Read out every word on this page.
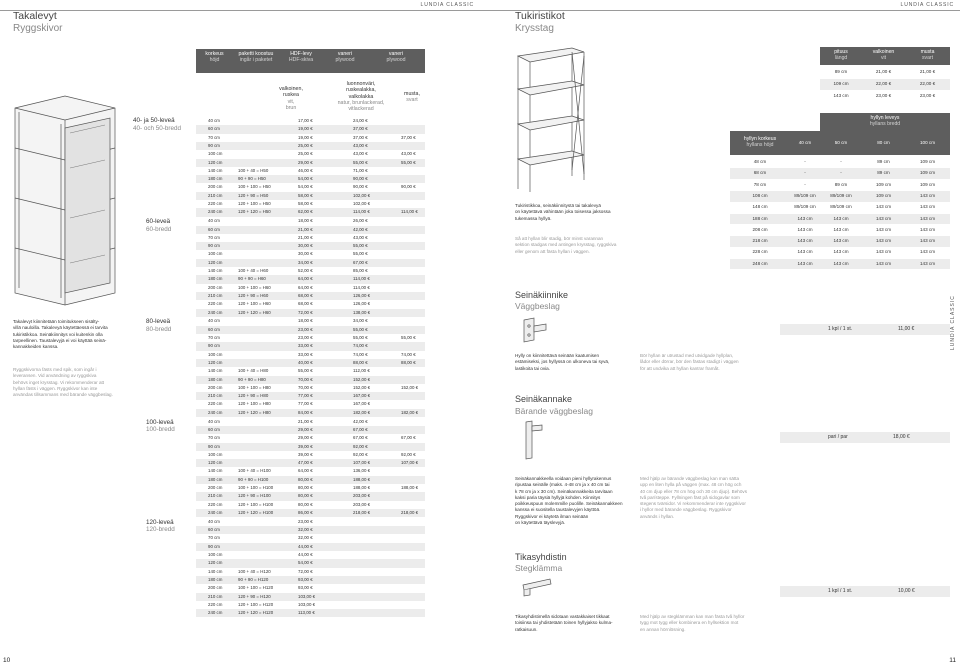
LUNDIA CLASSIC
Takalevyt
Ryggskivor
Takalevyt kiinnitetään toimitukseen sisälty-
villä nauloilla. Takalevyä käytettäessä ei tarvita
tukiristikkoa. Seinäkiinnitys voi kuitenkin olla
tarpeellinen. Taustalevyjä ei voi käyttää seinä-
kannakkeiden kanssa.
Ryggskivorna fästs med spik, som ingår i
leveransen. Vid användning av ryggskiva
behövs inget krysstag. Vi rekommenderar att
hyllan fästs i väggen. Ryggskivor kan inte
användas tillsammans med bärande väggbeslag.
korkeus
höjd
paketti koostuu
ingår i paketet
HDF-levy
HDF-skiva
vaneri
plywood
vaneri
plywood
valkoinen,
ruskea
vit,
brun
luonnonväri,
ruskealakka,
valkolakka
natur, brunlackerad,
vitlackerad
musta,
svart
40- ja 50-leveä
40- och 50-bredd
40 cm	17,00 €	24,00 €
60 cm	19,00 €	37,00 €
70 cm	19,00 €	37,00 €	37,00 €
90 cm	25,00 €	43,00 €
100 cm	25,00 €	43,00 €	43,00 €
120 cm	29,00 €	55,00 €	55,00 €
140 cm	100 + 40 = H50	46,00 €	71,00 €
180 cm	90 + 90 = H50	54,00 €	90,00 €
200 cm	100 + 100 = H50	54,00 €	90,00 €	90,00 €
210 cm	120 + 90 = H50	58,00 €	102,00 €
220 cm	120 + 100 = H50	58,00 €	102,00 €
240 cm	120 + 120 = H50	62,00 €	114,00 €	114,00 €
60-leveä
60-bredd
40 cm	18,00 €	26,00 €
60 cm	21,00 €	42,00 €
70 cm	21,00 €	43,00 €
90 cm	30,00 €	55,00 €
100 cm	30,00 €	55,00 €
120 cm	34,00 €	67,00 €
140 cm	100 + 40 = H60	52,00 €	85,00 €
180 cm	90 + 90 = H60	64,00 €	114,00 €
200 cm	100 + 100 = H60	64,00 €	114,00 €
210 cm	120 + 90 = H60	68,00 €	126,00 €
220 cm	120 + 100 = H60	68,00 €	126,00 €
240 cm	120 + 120 = H60	72,00 €	138,00 €
80-leveä
80-bredd
40 cm	18,00 €	34,00 €
60 cm	23,00 €	55,00 €
70 cm	23,00 €	55,00 €	55,00 €
90 cm	33,00 €	74,00 €
100 cm	33,00 €	74,00 €	74,00 €
120 cm	40,00 €	88,00 €	88,00 €
140 cm	100 + 40 = H80	55,00 €	112,00 €
180 cm	90 + 90 = H80	70,00 €	152,00 €
200 cm	100 + 100 = H80	70,00 €	152,00 €	152,00 €
210 cm	120 + 90 = H80	77,00 €	167,00 €
220 cm	120 + 100 = H80	77,00 €	167,00 €
240 cm	120 + 120 = H80	84,00 €	182,00 €	182,00 €
100-leveä
100-bredd
40 cm	21,00 €	42,00 €
60 cm	29,00 €	67,00 €
70 cm	29,00 €	67,00 €	67,00 €
90 cm	39,00 €	92,00 €
100 cm	39,00 €	92,00 €	92,00 €
120 cm	47,00 €	107,00 €	107,00 €
140 cm	100 + 40 = H100	64,00 €	136,00 €
180 cm	90 + 90 = H100	80,00 €	188,00 €
200 cm	100 + 100 = H100	80,00 €	188,00 €	188,00 €
210 cm	120 + 90 = H100	80,00 €	203,00 €
220 cm	120 + 100 = H100	80,00 €	203,00 €
240 cm	120 + 120 = H100	86,00 €	218,00 €	218,00 €
120-leveä
120-bredd
40 cm	23,00 €
60 cm	32,00 €
70 cm	32,00 €
90 cm	44,00 €
100 cm	44,00 €
120 cm	54,00 €
140 cm	100 + 40 = H120	72,00 €
180 cm	90 + 90 = H120	93,00 €
200 cm	100 + 100 = H120	93,00 €
210 cm	120 + 90 = H120	103,00 €
220 cm	120 + 100 = H120	103,00 €
240 cm	120 + 120 = H120	113,00 €
10
LUNDIA CLASSIC
Tukiristikot
Krysstag
Tukiristikkoa, seinäkiinnitystä tai takalevyä
on käytettävä vähintään joka toisessa jaksossa
tukemassa hyllyä.
Så att hyllan blir stadig, bör minst varannan
sektion stadgas med antingen krysstag, ryggskiva
eller genom att fästa hyllan i väggen.
pituus
längd
valkoinen
vit
musta
svart
89 cm	21,00 €	21,00 €
109 cm	22,00 €	22,00 €
143 cm	23,00 €	23,00 €
hyllyn leveys
hyllans bredd
hyllyn korkeus
hyllans höjd	40 cm	50 cm	80 cm	100 cm
48 cm	-	-	89 cm	109 cm
68 cm	-	-	89 cm	109 cm
78 cm	-	89 cm	109 cm	109 cm
108 cm	89/109 cm	89/109 cm	109 cm	143 cm
148 cm	89/109 cm	89/109 cm	143 cm	143 cm
188 cm	143 cm	143 cm	143 cm	143 cm
208 cm	143 cm	143 cm	143 cm	143 cm
218 cm	143 cm	143 cm	143 cm	143 cm
228 cm	143 cm	143 cm	143 cm	143 cm
248 cm	143 cm	143 cm	143 cm	143 cm
Seinäkiinnike
Väggbeslag
1 kpl / 1 st.	11,00 €
Hylly on kiinnitettävä seinään kaatumisen
estämiseksi, jos hyllyssä on ulkoneva tai syvä,
lastikoita tai ovia.
Bör hyllan är utrustad med utvidgade hyllplan,
lådor eller dörrar, bör den fästas stadigt i väggen
för att undvika att hyllan kantrar framåt.
Seinäkannake
Bärande väggbeslag
pari / par	18,00 €
Seinäkannakkeella voidaan pieni hyllyrakennus
ripustaa seinälle (maks. 4-48 cm ja x 40 cm tai
k 78 cm ja x 30 cm). Seinäkannakkeita tarvitaan
kaksi paria täysiä hyllyjä kohden. Kiinnitys
poikkeuspuun molemmille puolille. Seinäkannakkeen
kanssa ei suositella taustalevyjen käyttöä.
Ryggskivor ei käytetä ilman seinään
on käytettävä täyslevyjä.
Med hjälp av bärande väggbeslag kan man sätta
upp en liten hylla på väggen (max. 48 cm hög och
40 cm djup eller 78 cm hög och 30 cm djup). Behövs
två par/steppe. Fyllningen fäst på sidogavlar som
stegens tvärsidor. Vi rekommenderar inte ryggskivor
i hyllor med bärande väggbeslag. Ryggskivor
används i hyllan.
Tikasyhdistin
Stegklämma
1 kpl / 1 st.	10,00 €
Tikasyhdistimellä sidotaan vastakkaiset tikkaat
toisiinsa tai yhdistetään toinen hyllyjakso kulma-
ratkaisuun.
Med hjälp av stegklämman kan man fästa två hyllor
tygg mot tygg eller kombinera en hyllsektion mot
en annan hörnlösning.
LUNDIA CLASSIC
11
